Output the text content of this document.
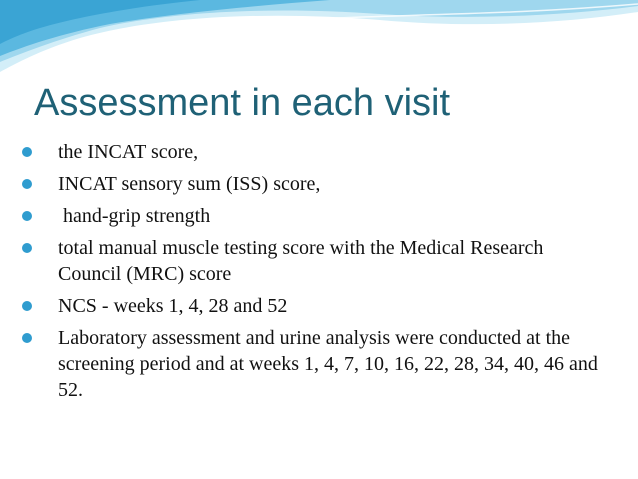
Assessment in each visit
the INCAT score,
INCAT sensory sum (ISS) score,
hand-grip strength
total manual muscle testing score with the Medical Research Council (MRC) score
NCS - weeks 1, 4, 28 and 52
Laboratory assessment and urine analysis were conducted at the screening period and at weeks 1, 4, 7, 10, 16, 22, 28, 34, 40, 46 and 52.
